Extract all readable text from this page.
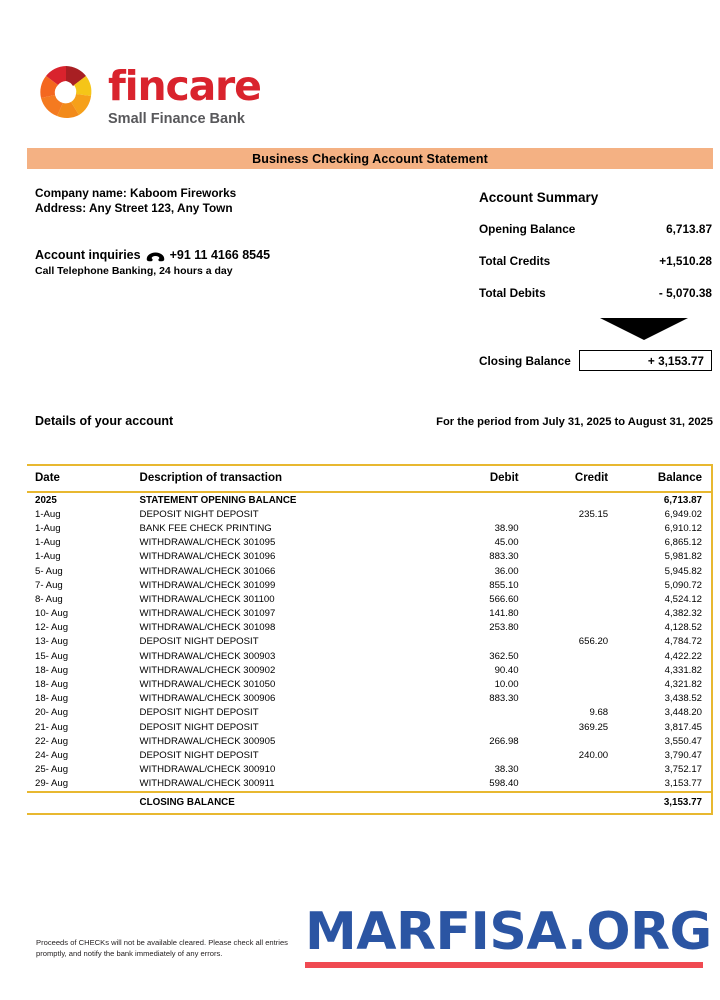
fincare
Small Finance Bank
Business Checking Account Statement
Company name: Kaboom Fireworks
Address: Any Street 123, Any Town
Account inquiries +91 11 4166 8545
Call Telephone Banking, 24 hours a day
Account Summary
Opening Balance	6,713.87
Total Credits	+1,510.28
Total Debits	- 5,070.38
Closing Balance	+ 3,153.77
Details of your account	For the period from July 31, 2025 to August 31, 2025
Date	Description of transaction	Debit	Credit	Balance
2025	STATEMENT OPENING BALANCE			6,713.87
1-Aug	DEPOSIT NIGHT DEPOSIT		235.15	6,949.02
1-Aug	BANK FEE CHECK PRINTING	38.90		6,910.12
1-Aug	WITHDRAWAL/CHECK 301095	45.00		6,865.12
1-Aug	WITHDRAWAL/CHECK 301096	883.30		5,981.82
5- Aug	WITHDRAWAL/CHECK 301066	36.00		5,945.82
7- Aug	WITHDRAWAL/CHECK 301099	855.10		5,090.72
8- Aug	WITHDRAWAL/CHECK 301100	566.60		4,524.12
10- Aug	WITHDRAWAL/CHECK 301097	141.80		4,382.32
12- Aug	WITHDRAWAL/CHECK 301098	253.80		4,128.52
13- Aug	DEPOSIT NIGHT DEPOSIT		656.20	4,784.72
15- Aug	WITHDRAWAL/CHECK 300903	362.50		4,422.22
18- Aug	WITHDRAWAL/CHECK 300902	90.40		4,331.82
18- Aug	WITHDRAWAL/CHECK 301050	10.00		4,321.82
18- Aug	WITHDRAWAL/CHECK 300906	883.30		3,438.52
20- Aug	DEPOSIT NIGHT DEPOSIT		9.68	3,448.20
21- Aug	DEPOSIT NIGHT DEPOSIT		369.25	3,817.45
22- Aug	WITHDRAWAL/CHECK 300905	266.98		3,550.47
24- Aug	DEPOSIT NIGHT DEPOSIT		240.00	3,790.47
25- Aug	WITHDRAWAL/CHECK 300910	38.30		3,752.17
29- Aug	WITHDRAWAL/CHECK 300911	598.40		3,153.77
	CLOSING BALANCE			3,153.77
Proceeds of CHECKs will not be available cleared. Please check all entries promptly, and notify the bank immediately of any errors.	MARFISA.ORG
